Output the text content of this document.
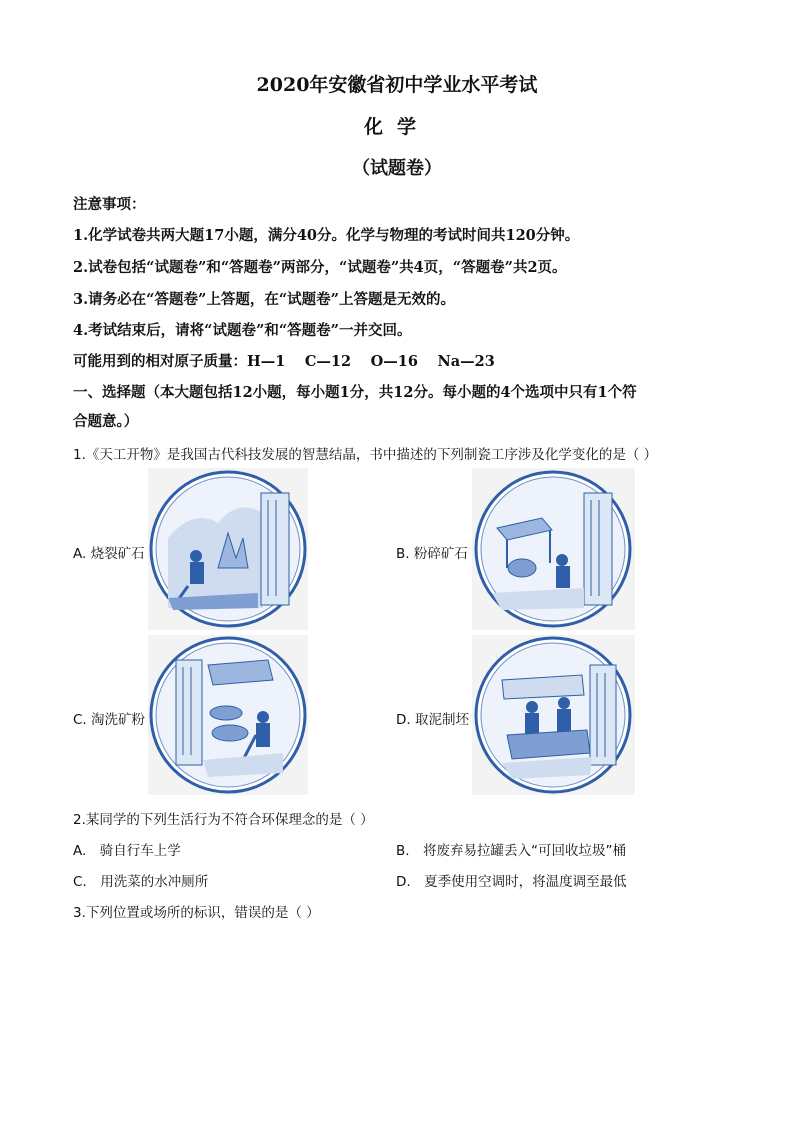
2020年安徽省初中学业水平考试
化学
（试题卷）
注意事项：
1.化学试卷共两大题17小题，满分40分。化学与物理的考试时间共120分钟。
2.试卷包括“试题卷”和“答题卷”两部分，“试题卷”共4页，“答题卷”共2页。
3.请务必在“答题卷”上答题，在“试题卷”上答题是无效的。
4.考试结束后，请将“试题卷”和“答题卷”一并交回。
可能用到的相对原子质量：H—1　 C—12 　O—16 　Na—23
一、选择题（本大题包括12小题，每小题1分，共12分。每小题的4个选项中只有1个符
合题意。）
1.《天工开物》是我国古代科技发展的智慧结晶，书中描述的下列制瓷工序涉及化学变化的是（ ）
A. 烧裂矿石	B. 粉碎矿石
C. 淘洗矿粉	D. 取泥制坯
2.某同学的下列生活行为不符合环保理念的是（ ）
A.　骑自行车上学	B.　将废弃易拉罐丢入“可回收垃圾”桶
C.　用洗菜的水冲厕所	D.　夏季使用空调时，将温度调至最低
3.下列位置或场所的标识，错误的是（ ）
